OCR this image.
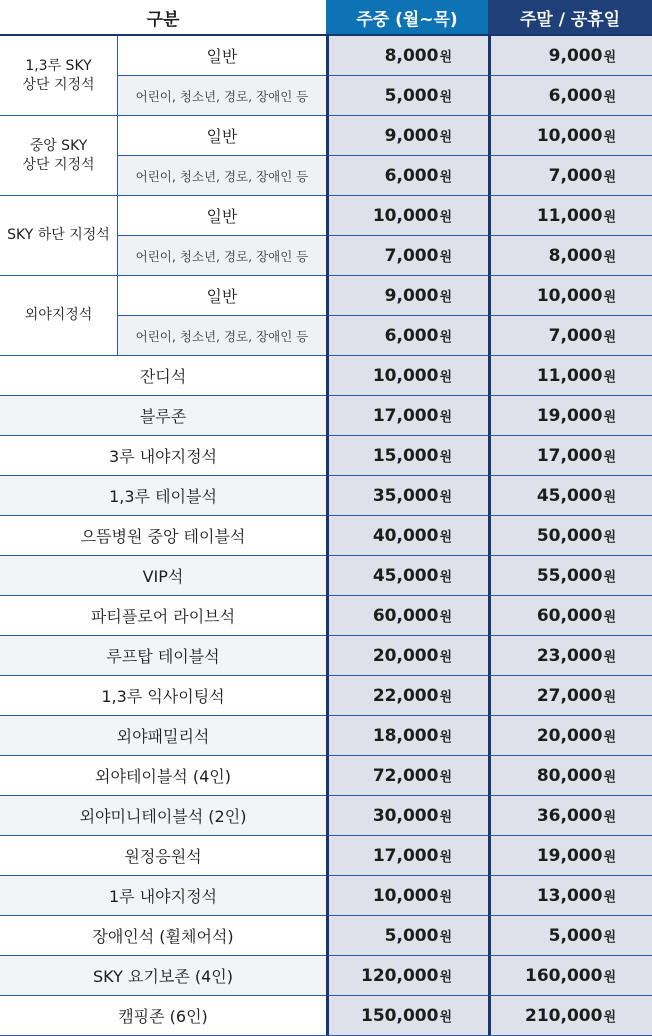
구분		주중 (월~목)	주말 / 공휴일
1,3루 SKY
상단 지정석	일반	8,000원	9,000원
	어린이, 청소년, 경로, 장애인 등	5,000원	6,000원
중앙 SKY
상단 지정석	일반	9,000원	10,000원
	어린이, 청소년, 경로, 장애인 등	6,000원	7,000원
SKY 하단 지정석	일반	10,000원	11,000원
	어린이, 청소년, 경로, 장애인 등	7,000원	8,000원
외야지정석	일반	9,000원	10,000원
	어린이, 청소년, 경로, 장애인 등	6,000원	7,000원
잔디석		10,000원	11,000원
블루존		17,000원	19,000원
3루 내야지정석		15,000원	17,000원
1,3루 테이블석		35,000원	45,000원
으뜸병원 중앙 테이블석		40,000원	50,000원
VIP석		45,000원	55,000원
파티플로어 라이브석		60,000원	60,000원
루프탑 테이블석		20,000원	23,000원
1,3루 익사이팅석		22,000원	27,000원
외야패밀리석		18,000원	20,000원
외야테이블석 (4인)		72,000원	80,000원
외야미니테이블석 (2인)		30,000원	36,000원
원정응원석		17,000원	19,000원
1루 내야지정석		10,000원	13,000원
장애인석 (휠체어석)		5,000원	5,000원
SKY 요기보존 (4인)		120,000원	160,000원
캠핑존 (6인)		150,000원	210,000원
